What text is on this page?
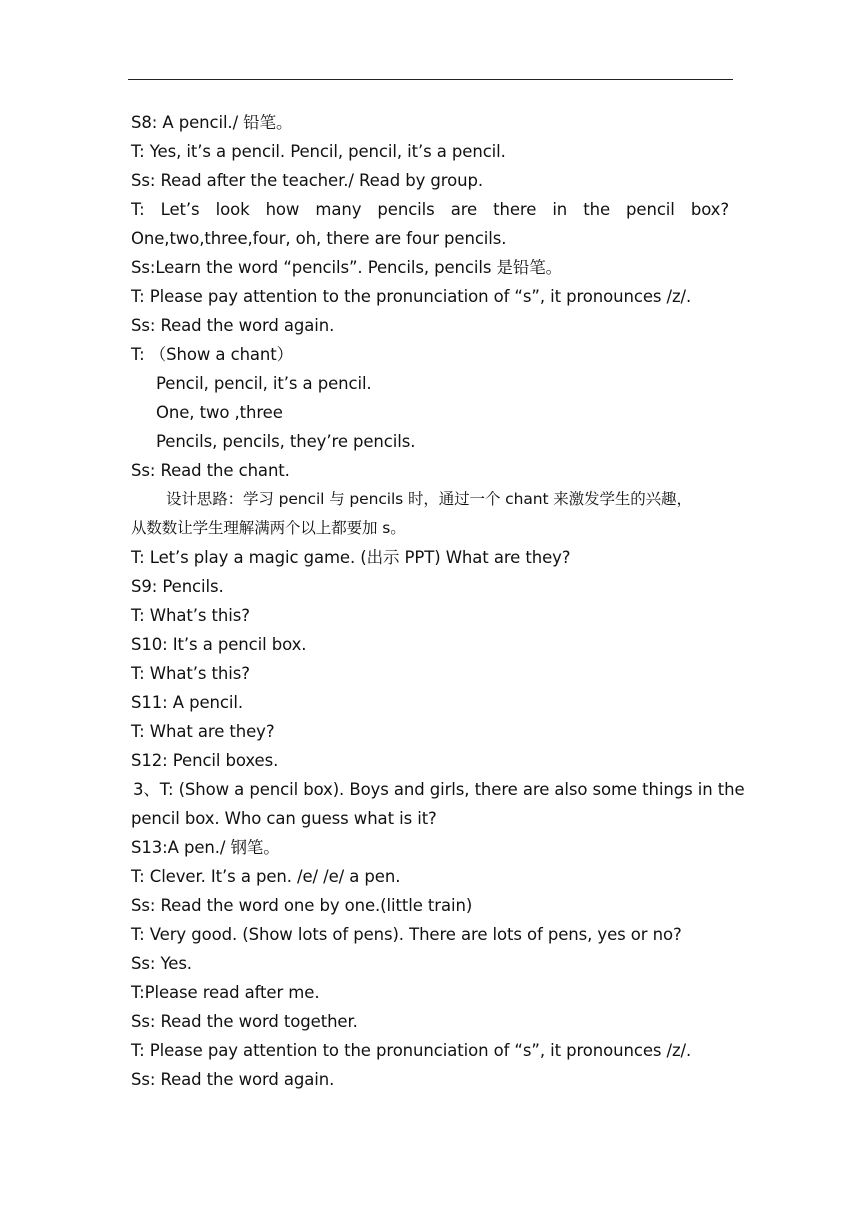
S8: A pencil./ 铅笔。
T: Yes, it’s a pencil. Pencil, pencil, it’s a pencil.
Ss: Read after the teacher./ Read by group.
T: Let’s look how many pencils are there in the pencil box?
One,two,three,four, oh, there are four pencils.
Ss:Learn the word “pencils”. Pencils, pencils 是铅笔。
T: Please pay attention to the pronunciation of “s”, it pronounces /z/.
Ss: Read the word again.
T: （Show a chant）
Pencil, pencil, it’s a pencil.
One, two ,three
Pencils, pencils, they’re pencils.
Ss: Read the chant.
设计思路：学习 pencil 与 pencils 时，通过一个 chant 来激发学生的兴趣，
从数数让学生理解满两个以上都要加 s。
T: Let’s play a magic game. (出示 PPT) What are they?
S9: Pencils.
T: What’s this?
S10: It’s a pencil box.
T: What’s this?
S11: A pencil.
T: What are they?
S12: Pencil boxes.
3、T: (Show a pencil box). Boys and girls, there are also some things in the
pencil box. Who can guess what is it?
S13:A pen./ 钢笔。
T: Clever. It’s a pen. /e/ /e/ a pen.
Ss: Read the word one by one.(little train)
T: Very good. (Show lots of pens). There are lots of pens, yes or no?
Ss: Yes.
T:Please read after me.
Ss: Read the word together.
T: Please pay attention to the pronunciation of “s”, it pronounces /z/.
Ss: Read the word again.
